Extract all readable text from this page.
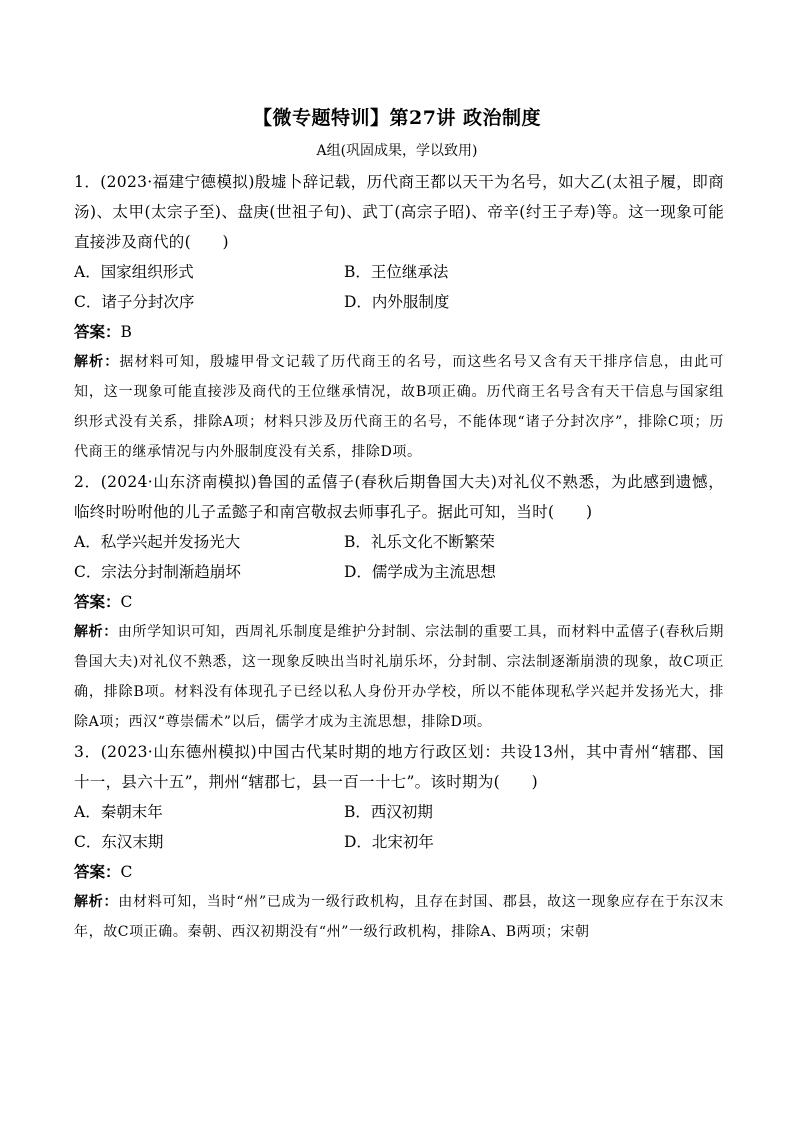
【微专题特训】第27讲 政治制度
A组(巩固成果，学以致用)
1．(2023·福建宁德模拟)殷墟卜辞记载，历代商王都以天干为名号，如大乙(太祖子履，即商汤)、太甲(太宗子至)、盘庚(世祖子旬)、武丁(高宗子昭)、帝辛(纣王子寿)等。这一现象可能直接涉及商代的(　　)
A．国家组织形式	B．王位继承法
C．诸子分封次序	D．内外服制度
答案：B
解析：据材料可知，殷墟甲骨文记载了历代商王的名号，而这些名号又含有天干排序信息，由此可知，这一现象可能直接涉及商代的王位继承情况，故B项正确。历代商王名号含有天干信息与国家组织形式没有关系，排除A项；材料只涉及历代商王的名号，不能体现“诸子分封次序”，排除C项；历代商王的继承情况与内外服制度没有关系，排除D项。
2．(2024·山东济南模拟)鲁国的孟僖子(春秋后期鲁国大夫)对礼仪不熟悉，为此感到遗憾，临终时吩咐他的儿子孟懿子和南宫敬叔去师事孔子。据此可知，当时(　　)
A．私学兴起并发扬光大	B．礼乐文化不断繁荣
C．宗法分封制渐趋崩坏	D．儒学成为主流思想
答案：C
解析：由所学知识可知，西周礼乐制度是维护分封制、宗法制的重要工具，而材料中孟僖子(春秋后期鲁国大夫)对礼仪不熟悉，这一现象反映出当时礼崩乐坏，分封制、宗法制逐渐崩溃的现象，故C项正确，排除B项。材料没有体现孔子已经以私人身份开办学校，所以不能体现私学兴起并发扬光大，排除A项；西汉“尊崇儒术”以后，儒学才成为主流思想，排除D项。
3．(2023·山东德州模拟)中国古代某时期的地方行政区划：共设13州，其中青州“辖郡、国十一，县六十五”，荆州“辖郡七，县一百一十七”。该时期为(　　)
A．秦朝末年	B．西汉初期
C．东汉末期	D．北宋初年
答案：C
解析：由材料可知，当时“州”已成为一级行政机构，且存在封国、郡县，故这一现象应存在于东汉末年，故C项正确。秦朝、西汉初期没有“州”一级行政机构，排除A、B两项；宋朝
